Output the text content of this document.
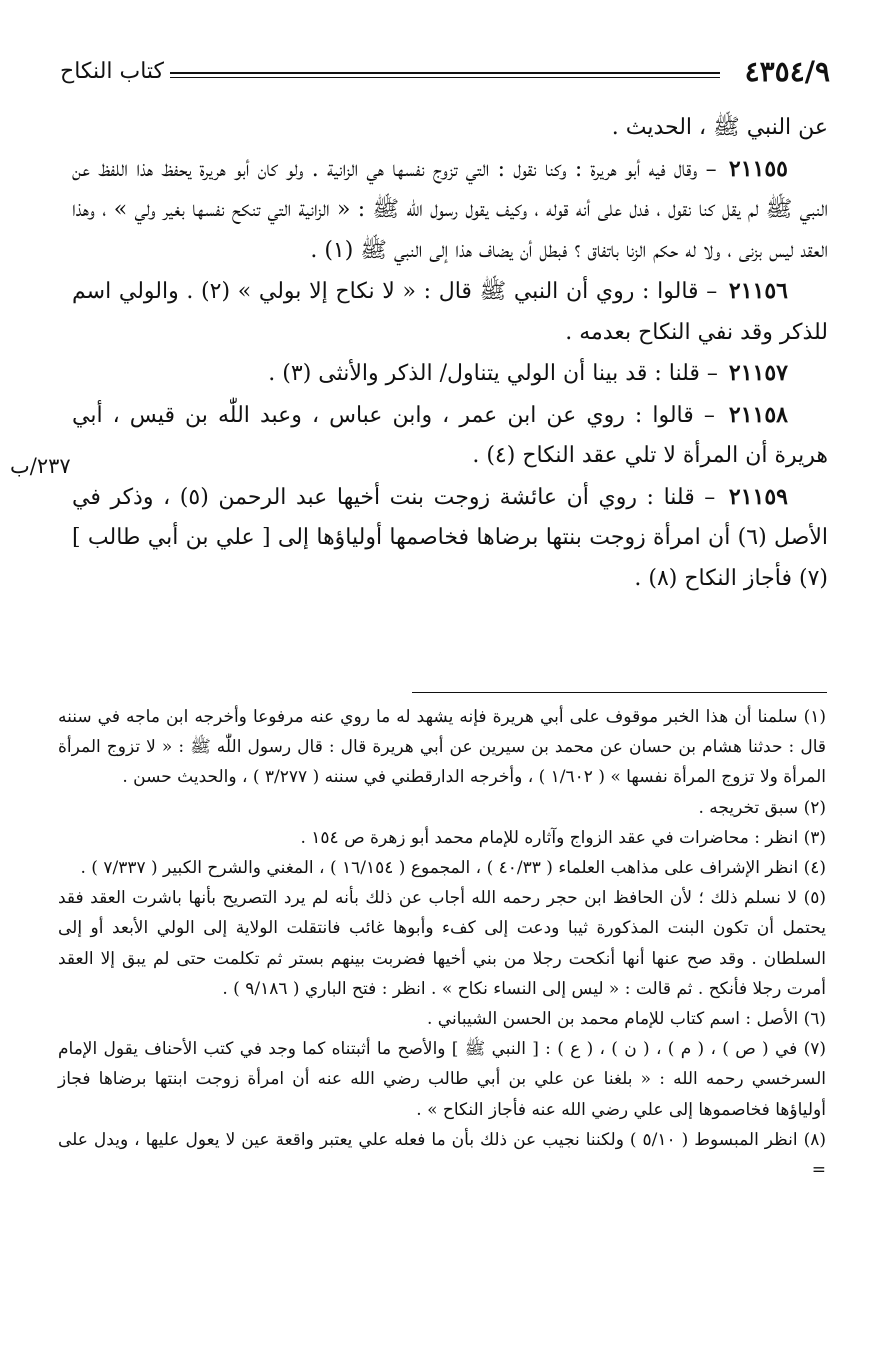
٤٣٥٤/٩
كتاب النكاح
٢٣٧/ب

عن النبي ﷺ ، الحديث .

٢١١٥٥ – وقال فيه أبو هريرة : وكنا نقول : التي تزوج نفسها هي الزانية . ولو كان أبو هريرة يحفظ هذا اللفظ عن النبي ﷺ لم يقل كنا نقول ، فدل على أنه قوله ، وكيف يقول رسول اللّٰه ﷺ : « الزانية التي تنكح نفسها بغير ولي » ، وهذا العقد ليس بزنى ، ولا له حكم الزنا باتفاق ؟ فبطل أن يضاف هذا إلى النبي ﷺ (١) .

٢١١٥٦ – قالوا : روي أن النبي ﷺ قال : « لا نكاح إلا بولي » (٢) . والولي اسم للذكر وقد نفي النكاح بعدمه .

٢١١٥٧ – قلنا : قد بينا أن الولي يتناول/ الذكر والأنثى (٣) .

٢١١٥٨ – قالوا : روي عن ابن عمر ، وابن عباس ، وعبد اللّٰه بن قيس ، أبي هريرة أن المرأة لا تلي عقد النكاح (٤) .

٢١١٥٩ – قلنا : روي أن عائشة زوجت بنت أخيها عبد الرحمن (٥) ، وذكر في الأصل (٦) أن امرأة زوجت بنتها برضاها فخاصمها أولياؤها إلى [ علي بن أبي طالب ] (٧) فأجاز النكاح (٨) .

(١) سلمنا أن هذا الخبر موقوف على أبي هريرة فإنه يشهد له ما روي عنه مرفوعا وأخرجه ابن ماجه في سننه قال : حدثنا هشام بن حسان عن محمد بن سيرين عن أبي هريرة قال : قال رسول اللّٰه ﷺ : « لا تزوج المرأة المرأة ولا تزوج المرأة نفسها » ( ١/٦٠٢ ) ، وأخرجه الدارقطني في سننه ( ٣/٢٧٧ ) ، والحديث حسن .

(٢) سبق تخريجه .

(٣) انظر : محاضرات في عقد الزواج وآثاره للإمام محمد أبو زهرة ص ١٥٤ .

(٤) انظر الإشراف على مذاهب العلماء ( ٤٠/٣٣ ) ، المجموع ( ١٦/١٥٤ ) ، المغني والشرح الكبير ( ٧/٣٣٧ ) .

(٥) لا نسلم ذلك ؛ لأن الحافظ ابن حجر رحمه الله أجاب عن ذلك بأنه لم يرد التصريح بأنها باشرت العقد فقد يحتمل أن تكون البنت المذكورة ثيبا ودعت إلى كفء وأبوها غائب فانتقلت الولاية إلى الولي الأبعد أو إلى السلطان . وقد صح عنها أنها أنكحت رجلا من بني أخيها فضربت بينهم بستر ثم تكلمت حتى لم يبق إلا العقد أمرت رجلا فأنكح . ثم قالت : « ليس إلى النساء نكاح » . انظر : فتح الباري ( ٩/١٨٦ ) .

(٦) الأصل : اسم كتاب للإمام محمد بن الحسن الشيباني .

(٧) في ( ص ) ، ( م ) ، ( ن ) ، ( ع ) : [ النبي ﷺ ] والأصح ما أثبتناه كما وجد في كتب الأحناف يقول الإمام السرخسي رحمه الله : « بلغنا عن علي بن أبي طالب رضي الله عنه أن امرأة زوجت ابنتها برضاها فجاز أولياؤها فخاصموها إلى علي رضي الله عنه فأجاز النكاح » .

(٨) انظر المبسوط ( ٥/١٠ ) ولكننا نجيب عن ذلك بأن ما فعله علي يعتبر واقعة عين لا يعول عليها ، ويدل على =
